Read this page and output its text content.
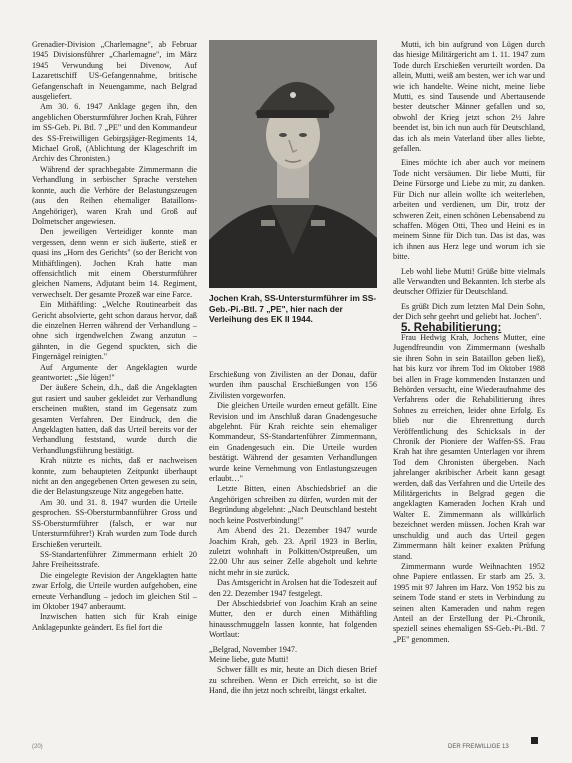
Grenadier-Division „Charlemagne", ab Februar 1945 Divisionsführer „Charlemagne", im März 1945 Verwundung bei Divenow, Auf Lazarettschiff US-Gefangennahme, britische Gefangenschaft in Neuengamme, nach Belgrad ausgeliefert.

Am 30. 6. 1947 Anklage gegen ihn, den angeblichen Obersturmführer Jochen Krah, Führer im SS-Geb. Pi. Btl. 7 „PE" und den Kommandeur des SS-Freiwilligen Gebirgsjäger-Regiments 14, Michael Groß, (Ablichtung der Klageschrift im Archiv des Chronisten.)

Während der sprachbegabte Zimmermann die Verhandlung in serbischer Sprache verstehen konnte, auch die Verhöre der Belastungszeugen (aus den Reihen ehemaliger Bataillons-Angehöriger), waren Krah und Groß auf Dolmetscher angewiesen.

Den jeweiligen Verteidiger konnte man vergessen, denn wenn er sich äußerte, stieß er quasi ins „Horn des Gerichts" (so der Bericht von Mithäftlingen). Jochen Krah hatte man offensichtlich mit einem Obersturmführer gleichen Namens, Adjutant beim 14. Regiment, verwechselt. Der gesamte Prozeß war eine Farce.

Ein Mithäftling: „Welche Routinearbeit das Gericht absolvierte, geht schon daraus hervor, daß die einzelnen Herren während der Verhandlung – ohne sich irgendwelchen Zwang anzutun – gähnten, in die Gegend spuckten, sich die Fingernägel reinigten."

Auf Argumente der Angeklagten wurde geantwortet: „Sie lügen!"

Der äußere Schein, d.h., daß die Angeklagten gut rasiert und sauber gekleidet zur Verhandlung erscheinen mußten, stand im Gegensatz zum gesamten Verfahren. Der Eindruck, den die Angeklagten hatten, daß das Urteil bereits vor der Verhandlung feststand, wurde durch die Verhandlungsführung bestätigt.

Krah nützte es nichts, daß er nachweisen konnte, zum behaupteten Zeitpunkt überhaupt nicht an den angegebenen Orten gewesen zu sein, die der Belastungszeuge Nitz angegeben hatte.

Am 30. und 31. 8. 1947 wurden die Urteile gesprochen. SS-Obersturmbannführer Gross und SS-Obersturmführer (falsch, er war nur Untersturmführer!) Krah wurden zum Tode durch Erschießen verurteilt.

SS-Standartenführer Zimmermann erhielt 20 Jahre Freiheitsstrafe.

Die eingelegte Revision der Angeklagten hatte zwar Erfolg, die Urteile wurden aufgehoben, eine erneute Verhandlung – jedoch im gleichen Stil – im Oktober 1947 anberaumt.

Inzwischen hatten sich für Krah einige Anklagepunkte geändert. Es fiel fort die

Jochen Krah, SS-Untersturmführer im SS-Geb.-Pi.-Btl. 7 „PE", hier nach der Verleihung des EK II 1944.

Erschießung von Zivilisten an der Donau, dafür wurden ihm pauschal Erschießungen von 156 Zivilisten vorgeworfen.

Die gleichen Urteile wurden erneut gefällt. Eine Revision und im Anschluß daran Gnadengesuche abgelehnt. Für Krah reichte sein ehemaliger Kommandeur, SS-Standartenführer Zimmermann, ein Gnadengesuch ein. Die Urteile wurden bestätigt. Während der gesamten Verhandlungen wurde keine Vernehmung von Entlastungszeugen erlaubt…"

Letzte Bitten, einen Abschiedsbrief an die Angehörigen schreiben zu dürfen, wurden mit der Begründung abgelehnt: „Nach Deutschland besteht noch keine Postverbindung!"

Am Abend des 21. Dezember 1947 wurde Joachim Krah, geb. 23. April 1923 in Berlin, zuletzt wohnhaft in Polkitten/Ostpreußen, um 22.00 Uhr aus seiner Zelle abgeholt und kehrte nicht mehr in sie zurück.

Das Amtsgericht in Arolsen hat die Todeszeit auf den 22. Dezember 1947 festgelegt.

Der Abschiedsbrief von Joachim Krah an seine Mutter, den er durch einen Mithäftling hinausschmuggeln lassen konnte, hat folgenden Wortlaut:

„Belgrad, November 1947.

Meine liebe, gute Mutti!

Schwer fällt es mir, heute an Dich diesen Brief zu schreiben. Wenn er Dich erreicht, so ist die Hand, die ihn jetzt noch schreibt, längst erkaltet.

Mutti, ich bin aufgrund von Lügen durch das hiesige Militärgericht am 1. 11. 1947 zum Tode durch Erschießen verurteilt worden. Da allein, Mutti, weiß am besten, wer ich war und wie ich handelte. Weine nicht, meine liebe Mutti, es sind Tausende und Abertausende bester deutscher Männer gefallen und so, obwohl der Krieg jetzt schon 2½ Jahre beendet ist, bin ich nun auch für Deutschland, das ich als mein Vaterland über alles liebte, gefallen.

Eines möchte ich aber auch vor meinem Tode nicht versäumen. Dir liebe Mutti, für Deine Fürsorge und Liebe zu mir, zu danken. Für Dich nur allein wollte ich weiterleben, arbeiten und verdienen, um Dir, trotz der schweren Zeit, einen schönen Lebensabend zu schaffen. Mögen Otti, Theo und Heini es in meinem Sinne für Dich tun. Das ist das, was ich ihnen aus Herz lege und worum ich sie bitte.

Leb wohl liebe Mutti! Grüße bitte vielmals alle Verwandten und Bekannten. Ich sterbe als deutscher Offizier für Deutschland.

Es grüßt Dich zum letzten Mal Dein Sohn, der Dich sehr geehrt und geliebt hat. Jochen".

5. Rehabilitierung:

Frau Hedwig Krah, Jochens Mutter, eine Jugendfreundin von Zimmermann (weshalb sie ihren Sohn in sein Bataillon geben ließ), hat bis kurz vor ihrem Tod im Oktober 1988 bei allen in Frage kommenden Instanzen und Behörden versucht, eine Wiederaufnahme des Verfahrens oder die Rehabilitierung ihres Sohnes zu erreichen, leider ohne Erfolg. Es blieb nur die Ehrenrettung durch Veröffentlichung des Schicksals in der Chronik der Pioniere der Waffen-SS. Frau Krah hat ihre gesamten Unterlagen vor ihrem Tod dem Chronisten übergeben. Nach jahrelanger akribischer Arbeit kann gesagt werden, daß das Verfahren und die Urteile des Militärgerichts in Belgrad gegen die angeklagten Kameraden Jochen Krah und Walter E. Zimmermann als willkürlich bezeichnet werden müssen. Jochen Krah war unschuldig und auch das Urteil gegen Zimmermann hält keiner exakten Prüfung stand.

Zimmermann wurde Weihnachten 1952 ohne Papiere entlassen. Er starb am 25. 3. 1995 mit 97 Jahren im Harz. Von 1952 bis zu seinem Tode stand er stets in Verbindung zu seinen alten Kameraden und nahm regen Anteil an der Erstellung der Pi.-Chronik, speziell seines ehemaligen SS-Geb.-Pi.-Btl. 7 „PE" genommen.

(20)	DER FREIWILLIGE 13
